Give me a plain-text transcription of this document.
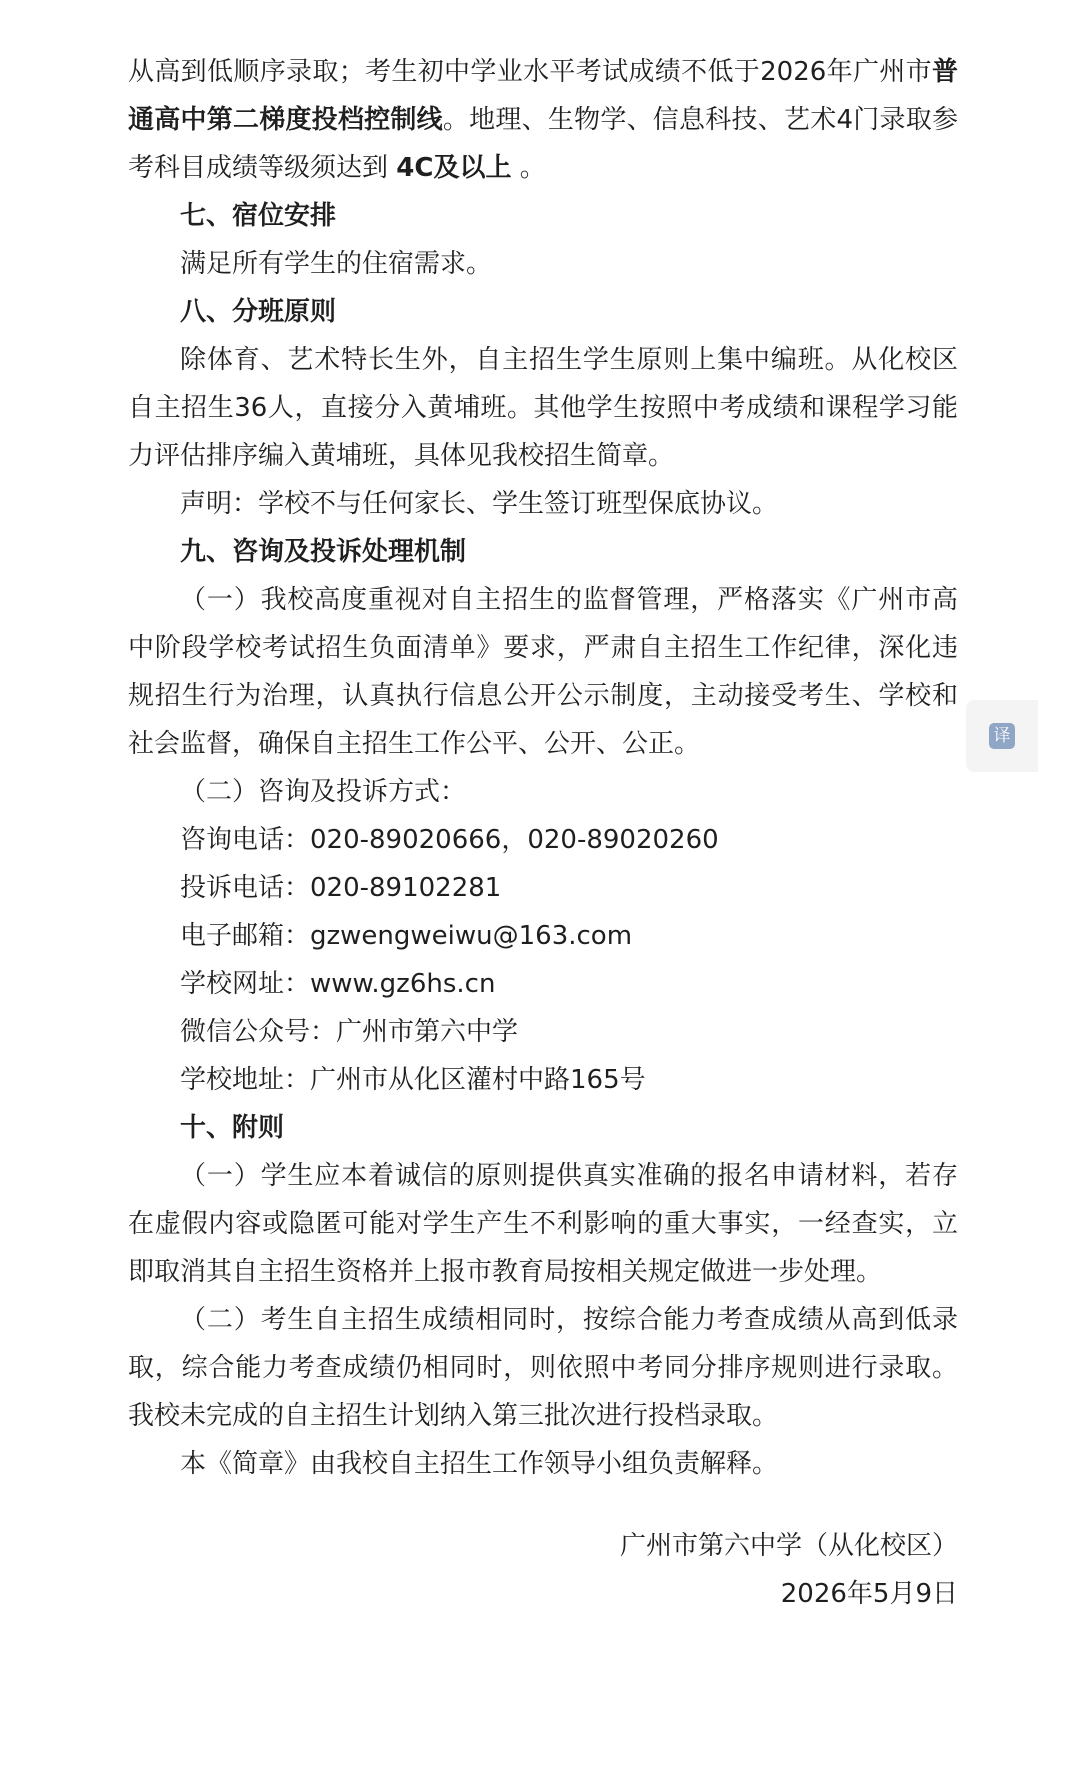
从高到低顺序录取；考生初中学业水平考试成绩不低于2026年广州市普通高中第二梯度投档控制线。地理、生物学、信息科技、艺术4门录取参考科目成绩等级须达到 4C及以上 。

七、宿位安排

满足所有学生的住宿需求。

八、分班原则

除体育、艺术特长生外，自主招生学生原则上集中编班。从化校区自主招生36人，直接分入黄埔班。其他学生按照中考成绩和课程学习能力评估排序编入黄埔班，具体见我校招生简章。

声明：学校不与任何家长、学生签订班型保底协议。

九、咨询及投诉处理机制

（一）我校高度重视对自主招生的监督管理，严格落实《广州市高中阶段学校考试招生负面清单》要求，严肃自主招生工作纪律，深化违规招生行为治理，认真执行信息公开公示制度，主动接受考生、学校和社会监督，确保自主招生工作公平、公开、公正。

（二）咨询及投诉方式：

咨询电话：020-89020666，020-89020260

投诉电话：020-89102281

电子邮箱：gzwengweiwu@163.com

学校网址：www.gz6hs.cn

微信公众号：广州市第六中学

学校地址：广州市从化区灌村中路165号

十、附则

（一）学生应本着诚信的原则提供真实准确的报名申请材料，若存在虚假内容或隐匿可能对学生产生不利影响的重大事实，一经查实，立即取消其自主招生资格并上报市教育局按相关规定做进一步处理。

（二）考生自主招生成绩相同时，按综合能力考查成绩从高到低录取，综合能力考查成绩仍相同时，则依照中考同分排序规则进行录取。我校未完成的自主招生计划纳入第三批次进行投档录取。

本《简章》由我校自主招生工作领导小组负责解释。

广州市第六中学（从化校区）

2026年5月9日

译
